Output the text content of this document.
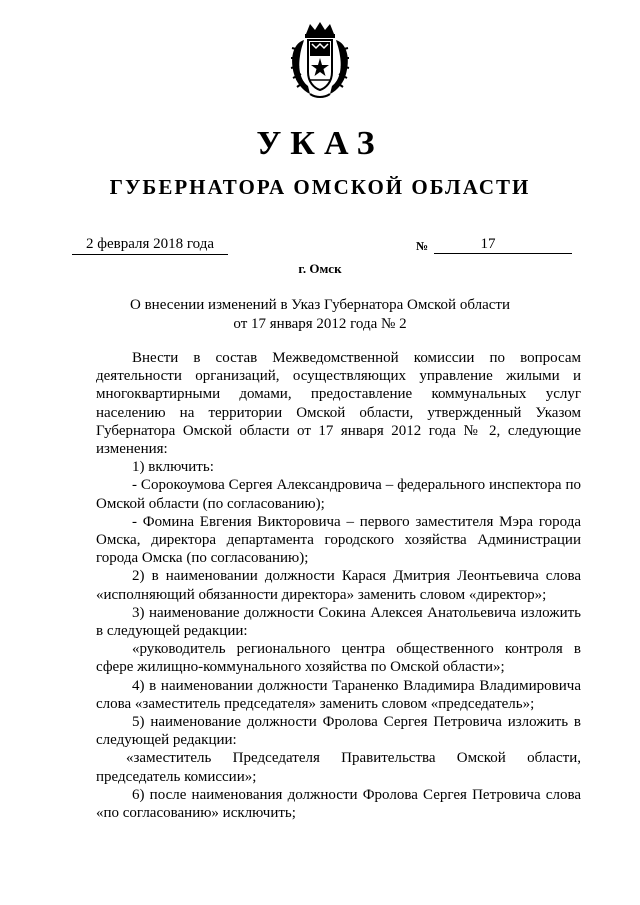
УКАЗ
ГУБЕРНАТОРА ОМСКОЙ ОБЛАСТИ
2 февраля 2018 года	№	17
г. Омск
О внесении изменений в Указ Губернатора Омской области
от 17 января 2012 года № 2

Внести в состав Межведомственной комиссии по вопросам деятельности организаций, осуществляющих управление жилыми и многоквартирными домами, предоставление коммунальных услуг населению на территории Омской области, утвержденный Указом Губернатора Омской области от 17 января 2012 года № 2, следующие изменения:

1) включить:

- Сорокоумова Сергея Александровича – федерального инспектора по Омской области (по согласованию);

- Фомина Евгения Викторовича – первого заместителя Мэра города Омска, директора департамента городского хозяйства Администрации города Омска (по согласованию);

2) в наименовании должности Карася Дмитрия Леонтьевича слова «исполняющий обязанности директора» заменить словом «директор»;

3) наименование должности Сокина Алексея Анатольевича изложить в следующей редакции:

«руководитель регионального центра общественного контроля в сфере жилищно-коммунального хозяйства по Омской области»;

4) в наименовании должности Тараненко Владимира Владимировича слова «заместитель председателя» заменить словом «председатель»;

5) наименование должности Фролова Сергея Петровича изложить в следующей редакции:

«заместитель Председателя Правительства Омской области, председатель комиссии»;

6) после наименования должности Фролова Сергея Петровича слова «по согласованию» исключить;
